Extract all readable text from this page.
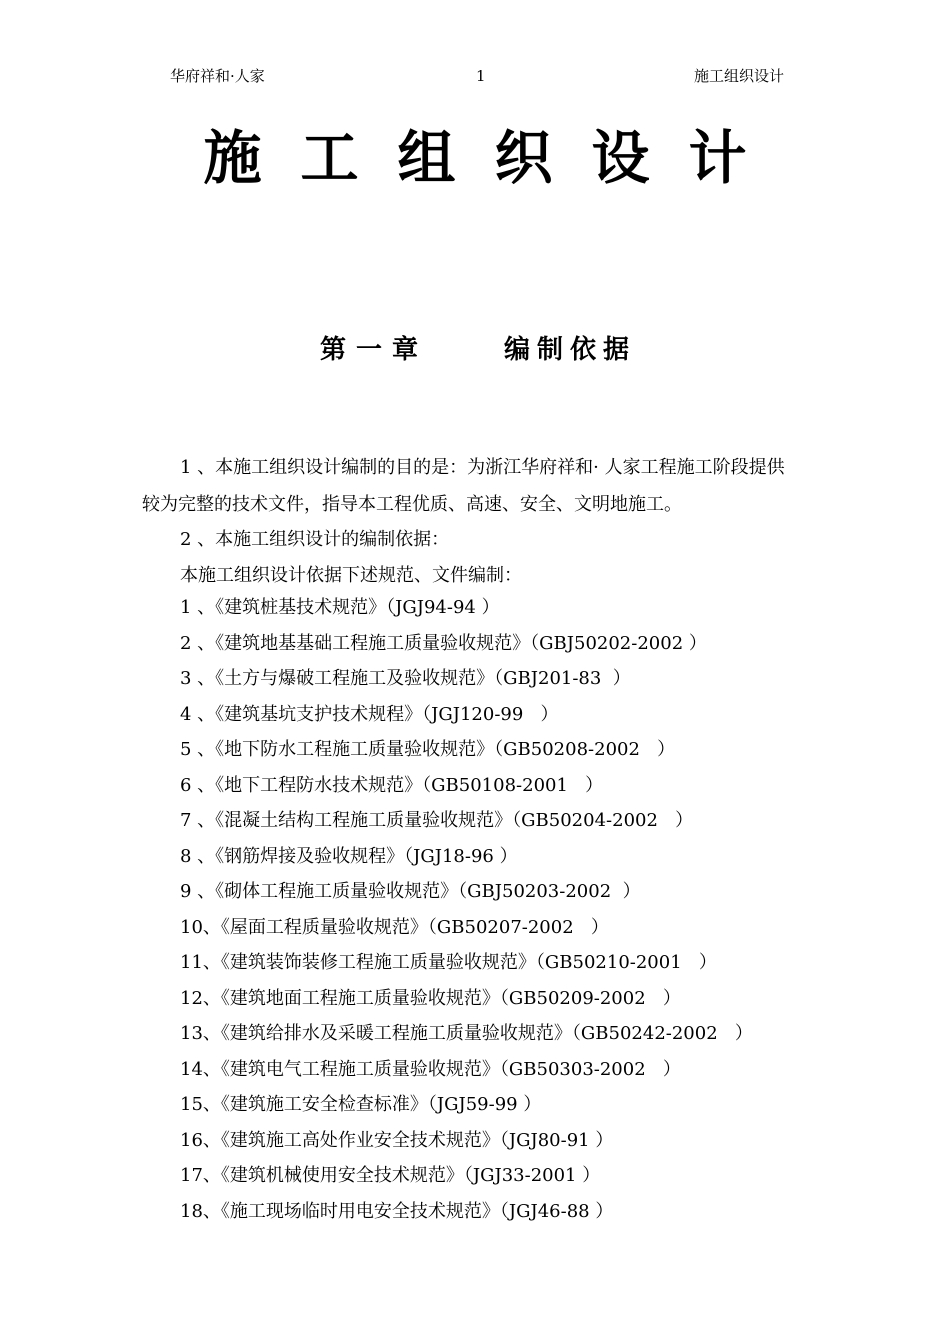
华府祥和·人家	1	施工组织设计
施工组织设计
第一章	编制依据
1 、本施工组织设计编制的目的是：为浙江华府祥和· 人家工程施工阶段提供
较为完整的技术文件，指导本工程优质、高速、安全、文明地施工。
2 、本施工组织设计的编制依据：
本施工组织设计依据下述规范、文件编制：
1 、《建筑桩基技术规范》（JGJ94-94 ）
2 、《建筑地基基础工程施工质量验收规范》（GBJ50202-2002 ）
3 、《土方与爆破工程施工及验收规范》（GBJ201-83  ）
4 、《建筑基坑支护技术规程》（JGJ120-99   ）
5 、《地下防水工程施工质量验收规范》（GB50208-2002   ）
6 、《地下工程防水技术规范》（GB50108-2001   ）
7 、《混凝土结构工程施工质量验收规范》（GB50204-2002   ）
8 、《钢筋焊接及验收规程》（JGJ18-96 ）
9 、《砌体工程施工质量验收规范》（GBJ50203-2002  ）
10、《屋面工程质量验收规范》（GB50207-2002   ）
11、《建筑装饰装修工程施工质量验收规范》（GB50210-2001   ）
12、《建筑地面工程施工质量验收规范》（GB50209-2002   ）
13、《建筑给排水及采暖工程施工质量验收规范》（GB50242-2002   ）
14、《建筑电气工程施工质量验收规范》（GB50303-2002   ）
15、《建筑施工安全检查标准》（JGJ59-99 ）
16、《建筑施工高处作业安全技术规范》（JGJ80-91 ）
17、《建筑机械使用安全技术规范》（JGJ33-2001 ）
18、《施工现场临时用电安全技术规范》（JGJ46-88 ）
